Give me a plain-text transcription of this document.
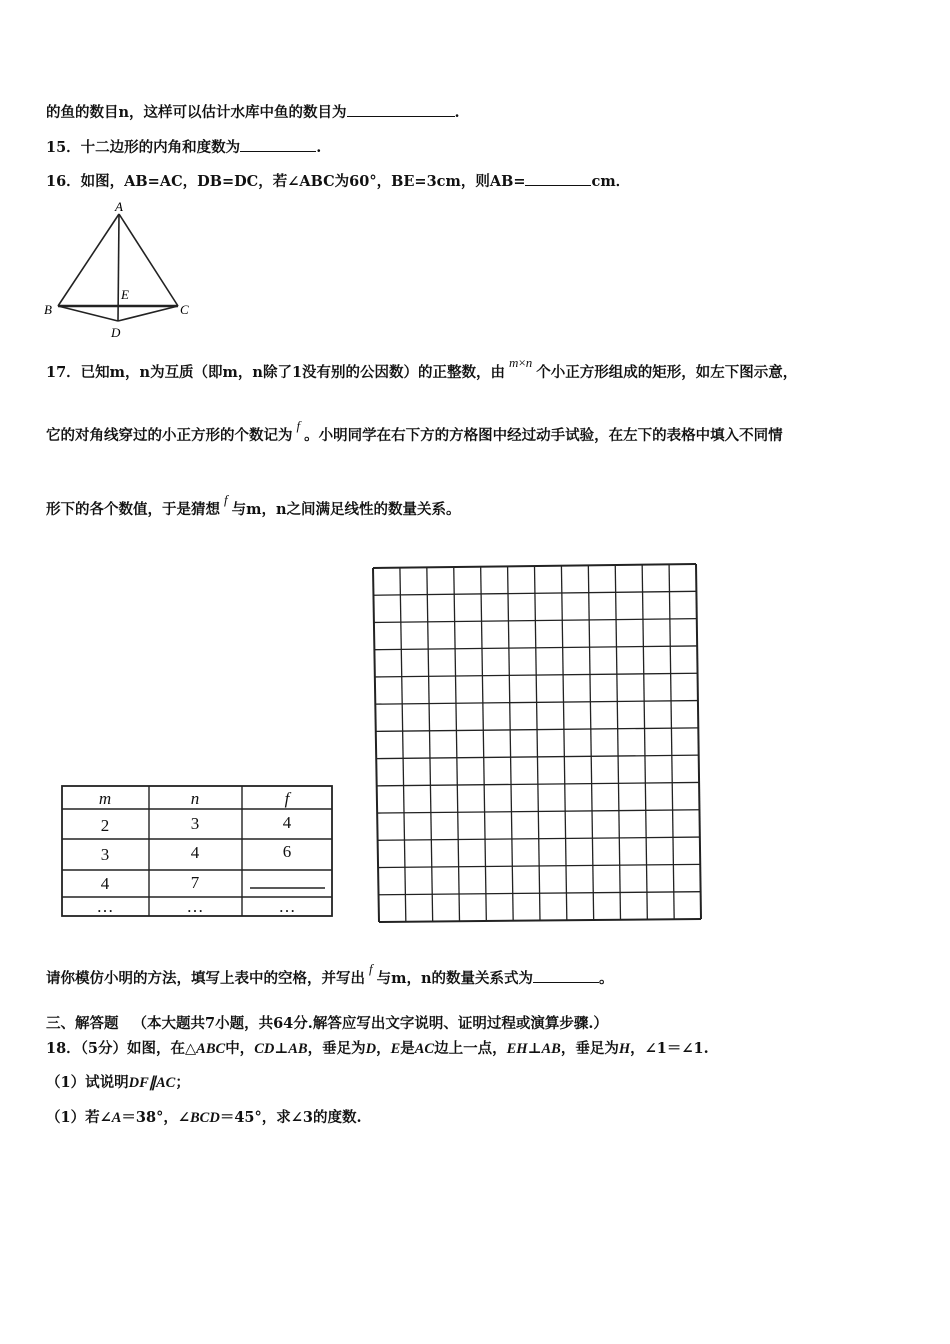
的鱼的数目n，这样可以估计水库中鱼的数目为	.
15．十二边形的内角和度数为	.
16．如图，AB=AC，DB=DC，若∠ABC为60°，BE=3cm，则AB=	cm．
A
B	C
D
E
17．已知m，n为互质（即m，n除了1没有别的公因数）的正整数，由m×n个小正方形组成的矩形，如左下图示意，
它的对角线穿过的小正方形的个数记为f。小明同学在右下方的方格图中经过动手试验，在左下的表格中填入不同情
形下的各个数值，于是猜想f与m，n之间满足线性的数量关系。
m	n	f
2	3	4
3	4	6
4	7
…	…	…
请你模仿小明的方法，填写上表中的空格，并写出f与m，n的数量关系式为	。
三、解答题 （本大题共7小题，共64分.解答应写出文字说明、证明过程或演算步骤.）
18．（5分）如图，在△ABC中，CD⊥AB，垂足为D，E是AC边上一点，EH⊥AB，垂足为H，∠1＝∠1.
（1）试说明DF∥AC；
（1）若∠A＝38°，∠BCD＝45°，求∠3的度数.
